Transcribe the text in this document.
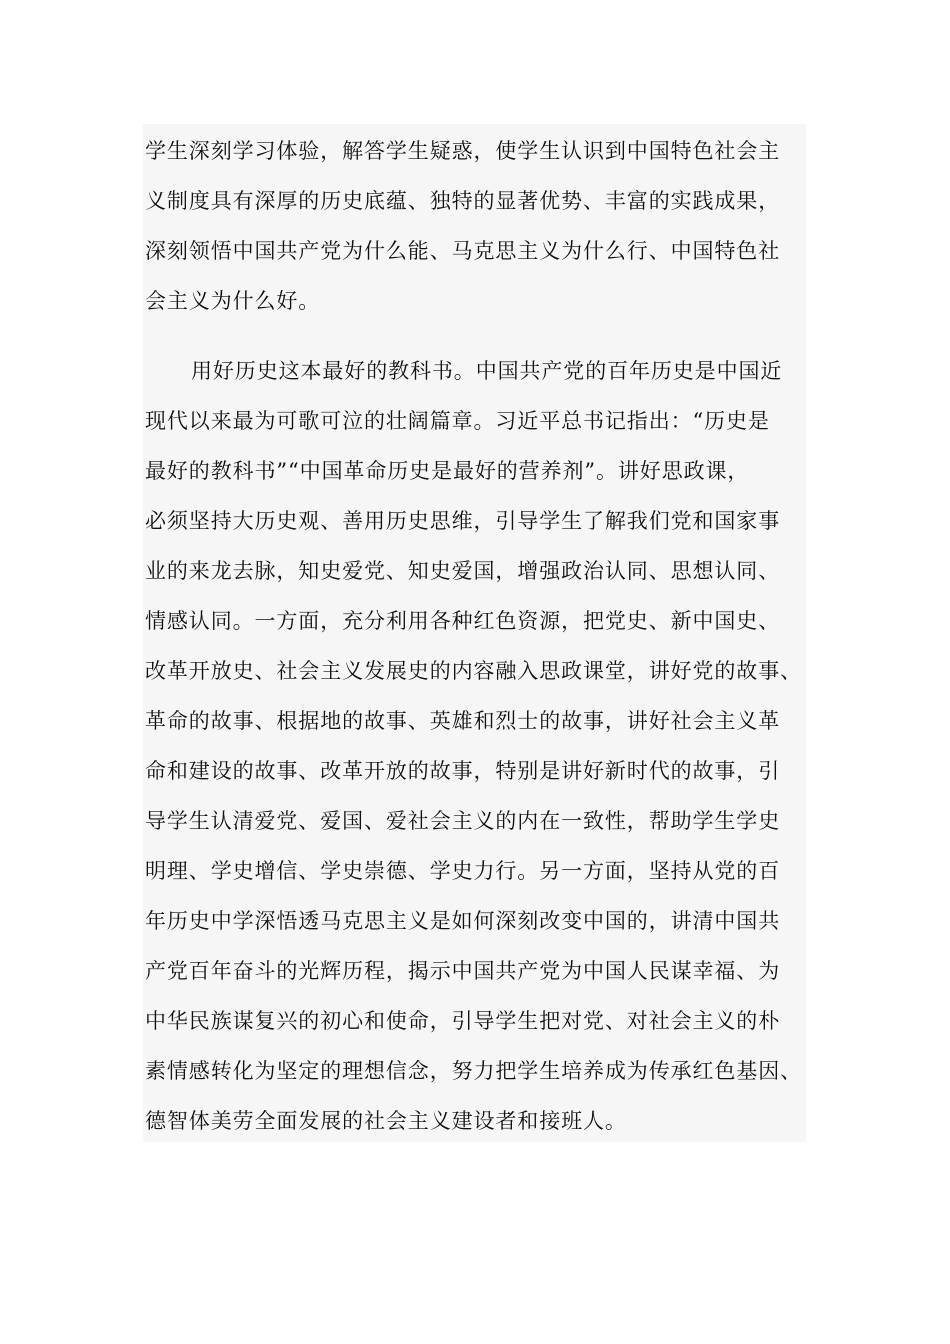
学生深刻学习体验，解答学生疑惑，使学生认识到中国特色社会主
义制度具有深厚的历史底蕴、独特的显著优势、丰富的实践成果，
深刻领悟中国共产党为什么能、马克思主义为什么行、中国特色社
会主义为什么好。
用好历史这本最好的教科书。中国共产党的百年历史是中国近
现代以来最为可歌可泣的壮阔篇章。习近平总书记指出：“历史是
最好的教科书”“中国革命历史是最好的营养剂”。讲好思政课，
必须坚持大历史观、善用历史思维，引导学生了解我们党和国家事
业的来龙去脉，知史爱党、知史爱国，增强政治认同、思想认同、
情感认同。一方面，充分利用各种红色资源，把党史、新中国史、
改革开放史、社会主义发展史的内容融入思政课堂，讲好党的故事、
革命的故事、根据地的故事、英雄和烈士的故事，讲好社会主义革
命和建设的故事、改革开放的故事，特别是讲好新时代的故事，引
导学生认清爱党、爱国、爱社会主义的内在一致性，帮助学生学史
明理、学史增信、学史崇德、学史力行。另一方面，坚持从党的百
年历史中学深悟透马克思主义是如何深刻改变中国的，讲清中国共
产党百年奋斗的光辉历程，揭示中国共产党为中国人民谋幸福、为
中华民族谋复兴的初心和使命，引导学生把对党、对社会主义的朴
素情感转化为坚定的理想信念，努力把学生培养成为传承红色基因、
德智体美劳全面发展的社会主义建设者和接班人。
